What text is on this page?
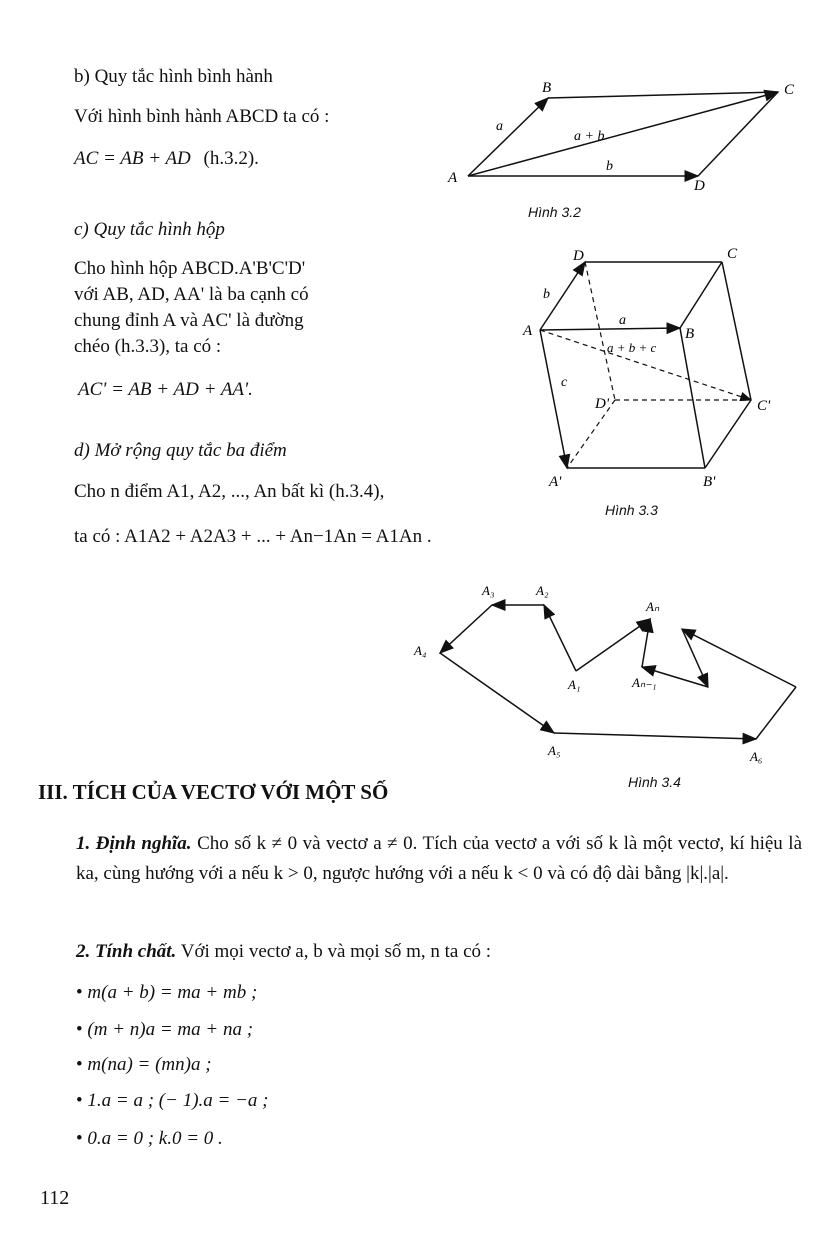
b) Quy tắc hình bình hành
Với hình bình hành ABCD ta có :
AC = AB + AD (h.3.2).
A
B	C
D
a
a + b
b
Hình 3.2
c) Quy tắc hình hộp
Cho hình hộp ABCD.A'B'C'D'
với AB, AD, AA' là ba cạnh có
chung đỉnh A và AC' là đường
chéo (h.3.3), ta có :
AC' = AB + AD + AA'.
A	B
C
D
D'	C'
A'	B'
b
a
c
a + b + c
Hình 3.3
d) Mở rộng quy tắc ba điểm
Cho n điểm A1, A2, ..., An bất kì (h.3.4),
ta có : A1A2 + A2A3 + ... + An−1An = A1An .
A₃	A₂
A₄
A₁
Aₙ
Aₙ₋₁
A₅	A₆
Hình 3.4
III. TÍCH CỦA VECTƠ VỚI MỘT SỐ
1. Định nghĩa. Cho số k ≠ 0 và vectơ a ≠ 0. Tích của vectơ a với số k là một vectơ, kí hiệu là ka, cùng hướng với a nếu k > 0, ngược hướng với a nếu k < 0 và có độ dài bằng |k|.|a|.
2. Tính chất. Với mọi vectơ a, b và mọi số m, n ta có :
• m(a + b) = ma + mb ;
• (m + n)a = ma + na ;
• m(na) = (mn)a ;
• 1.a = a ; (− 1).a = −a ;
• 0.a = 0 ; k.0 = 0 .
112
